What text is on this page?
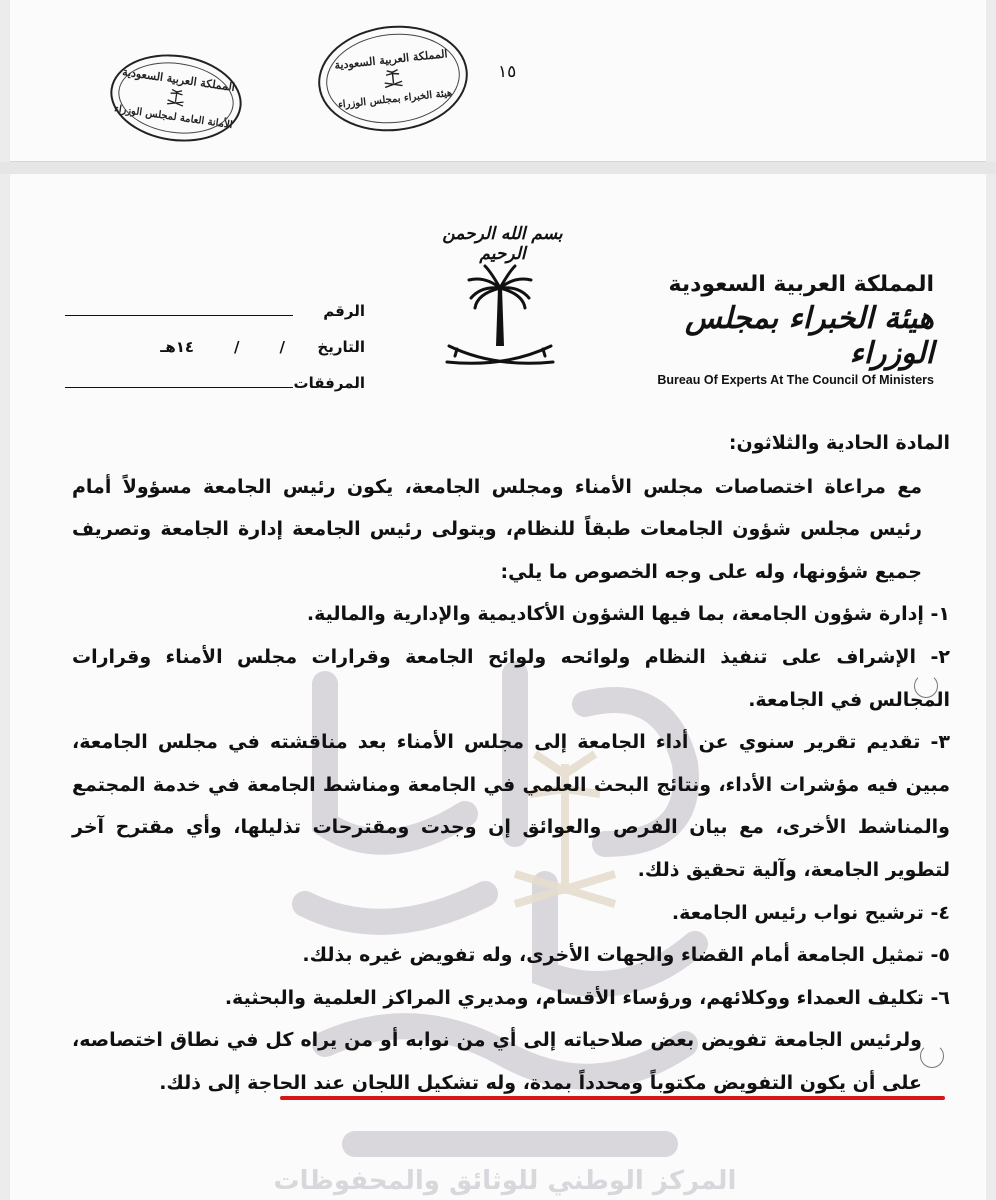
المملكة العربية السعودية
الأمانة العامة لمجلس الوزراء
المملكة العربية السعودية
هيئة الخبراء بمجلس الوزراء
١٥
بسم الله الرحمن الرحيم
المملكة العربية السعودية
هيئة الخبراء بمجلس الوزراء
Bureau Of Experts At The Council Of Ministers
الرقم
التاريخ
/
/
١٤هـ
المرفقات
المركز الوطني للوثائق والمحفوظات
المادة الحادية والثلاثون:
مع مراعاة اختصاصات مجلس الأمناء ومجلس الجامعة، يكون رئيس الجامعة مسؤولاً أمام رئيس مجلس شؤون الجامعات طبقاً للنظام، ويتولى رئيس الجامعة إدارة الجامعة وتصريف جميع شؤونها، وله على وجه الخصوص ما يلي:
١- إدارة شؤون الجامعة، بما فيها الشؤون الأكاديمية والإدارية والمالية.
٢- الإشراف على تنفيذ النظام ولوائحه ولوائح الجامعة وقرارات مجلس الأمناء وقرارات المجالس في الجامعة.
٣- تقديم تقرير سنوي عن أداء الجامعة إلى مجلس الأمناء بعد مناقشته في مجلس الجامعة، مبين فيه مؤشرات الأداء، ونتائج البحث العلمي في الجامعة ومناشط الجامعة في خدمة المجتمع والمناشط الأخرى، مع بيان الفرص والعوائق إن وجدت ومقترحات تذليلها، وأي مقترح آخر لتطوير الجامعة، وآلية تحقيق ذلك.
٤- ترشيح نواب رئيس الجامعة.
٥- تمثيل الجامعة أمام القضاء والجهات الأخرى، وله تفويض غيره بذلك.
٦- تكليف العمداء ووكلائهم، ورؤساء الأقسام، ومديري المراكز العلمية والبحثية.
ولرئيس الجامعة تفويض بعض صلاحياته إلى أي من نوابه أو من يراه كل في نطاق اختصاصه، على أن يكون التفويض مكتوباً ومحدداً بمدة، وله تشكيل اللجان عند الحاجة إلى ذلك.
